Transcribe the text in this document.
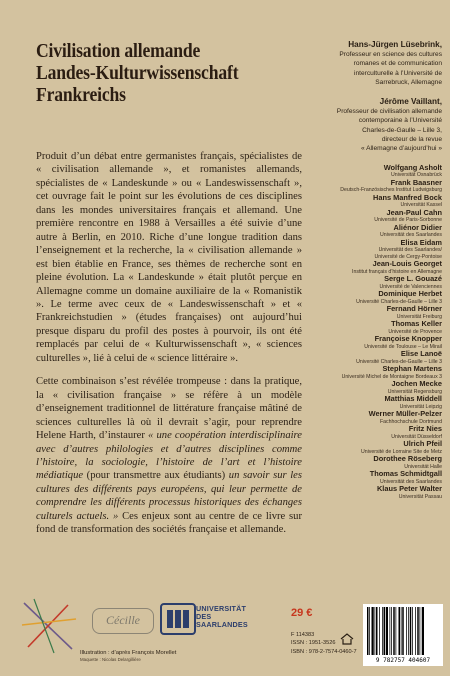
Civilisation allemande
Landes-Kulturwissenschaft
Frankreichs

Produit d’un débat entre germanistes français, spécialistes de « civilisation allemande », et romanistes allemands, spécialistes de « Landeskunde » ou « Landeswissenschaft », cet ouvrage fait le point sur les évolutions de ces disciplines dans les mondes universitaires français et allemand. Une première rencontre en 1988 à Versailles a été suivie d’une autre à Berlin, en 2010. Riche d’une longue tradition dans l’enseignement et la recherche, la « civilisation allemande » est bien établie en France, ses thèmes de recherche sont en pleine évolution. La « Landeskunde » était plutôt perçue en Allemagne comme un domaine auxiliaire de la « Romanistik ». Le terme avec ceux de « Landeswissenschaft » et « Frankreichstudien » (études françaises) ont aujourd’hui presque disparu du profil des postes à pourvoir, ils ont été remplacés par celui de « Kulturwissenschaft », « sciences culturelles », lié à celui de « science littéraire ».

Cette combinaison s’est révélée trompeuse : dans la pratique, la « civilisation française » se réfère à un modèle d’enseignement traditionnel de littérature française mâtiné de sciences culturelles là où il devrait s’agir, pour reprendre Helene Harth, d’instaurer « une coopération interdisciplinaire avec d’autres philologies et d’autres disciplines comme l’histoire, la sociologie, l’histoire de l’art et l’histoire médiatique (pour transmettre aux étudiants) un savoir sur les cultures des différents pays européens, qui leur permette de comprendre les différents processus historiques des échanges culturels actuels. » Ces enjeux sont au centre de ce livre sur fond de transformation des sociétés française et allemande.

Hans-Jürgen Lüsebrink,
Professeur en science des cultures
romanes et de communication
interculturelle à l’Université de
Sarrebruck, Allemagne
Jérôme Vaillant,
Professeur de civilisation allemande
contemporaine à l’Université
Charles-de-Gaulle – Lille 3,
directeur de la revue
« Allemagne d’aujourd’hui »
Wolfgang Asholt
Universität Osnabrück
Frank Baasner
Deutsch-Französisches Institut Ludwigsburg
Hans Manfred Bock
Universität Kassel
Jean-Paul Cahn
Université de Paris-Sorbonne
Aliénor Didier
Universität des Saarlandes
Elisa Eidam
Universität des Saarlandes/
Université de Cergy-Pontoise
Jean-Louis Georget
Institut français d’histoire en Allemagne
Serge L. Gouazé
Université de Valenciennes
Dominique Herbet
Université Charles-de-Gaulle – Lille 3
Fernand Hörner
Universität Freiburg
Thomas Keller
Université de Provence
Françoise Knopper
Université de Toulouse – Le Mirail
Elise Lanoë
Université Charles-de-Gaulle – Lille 3
Stephan Martens
Université Michel de Montaigne Bordeaux 3
Jochen Mecke
Universität Regensburg
Matthias Middell
Universität Leipzig
Werner Müller-Pelzer
Fachhochschule Dortmund
Fritz Nies
Universität Düsseldorf
Ulrich Pfeil
Université de Lorraine Site de Metz
Dorothee Röseberg
Universität Halle
Thomas Schmidtgall
Universität des Saarlandes
Klaus Peter Walter
Universität Passau
Cécille
UNIVERSITÄT
DES
SAARLANDES
Illustration : d’après François Morellet
Maquette : Nicolas Delargillière
29 €
F 114383
ISSN : 1951-3526
ISBN : 978-2-7574-0460-7
9 782757 404607
